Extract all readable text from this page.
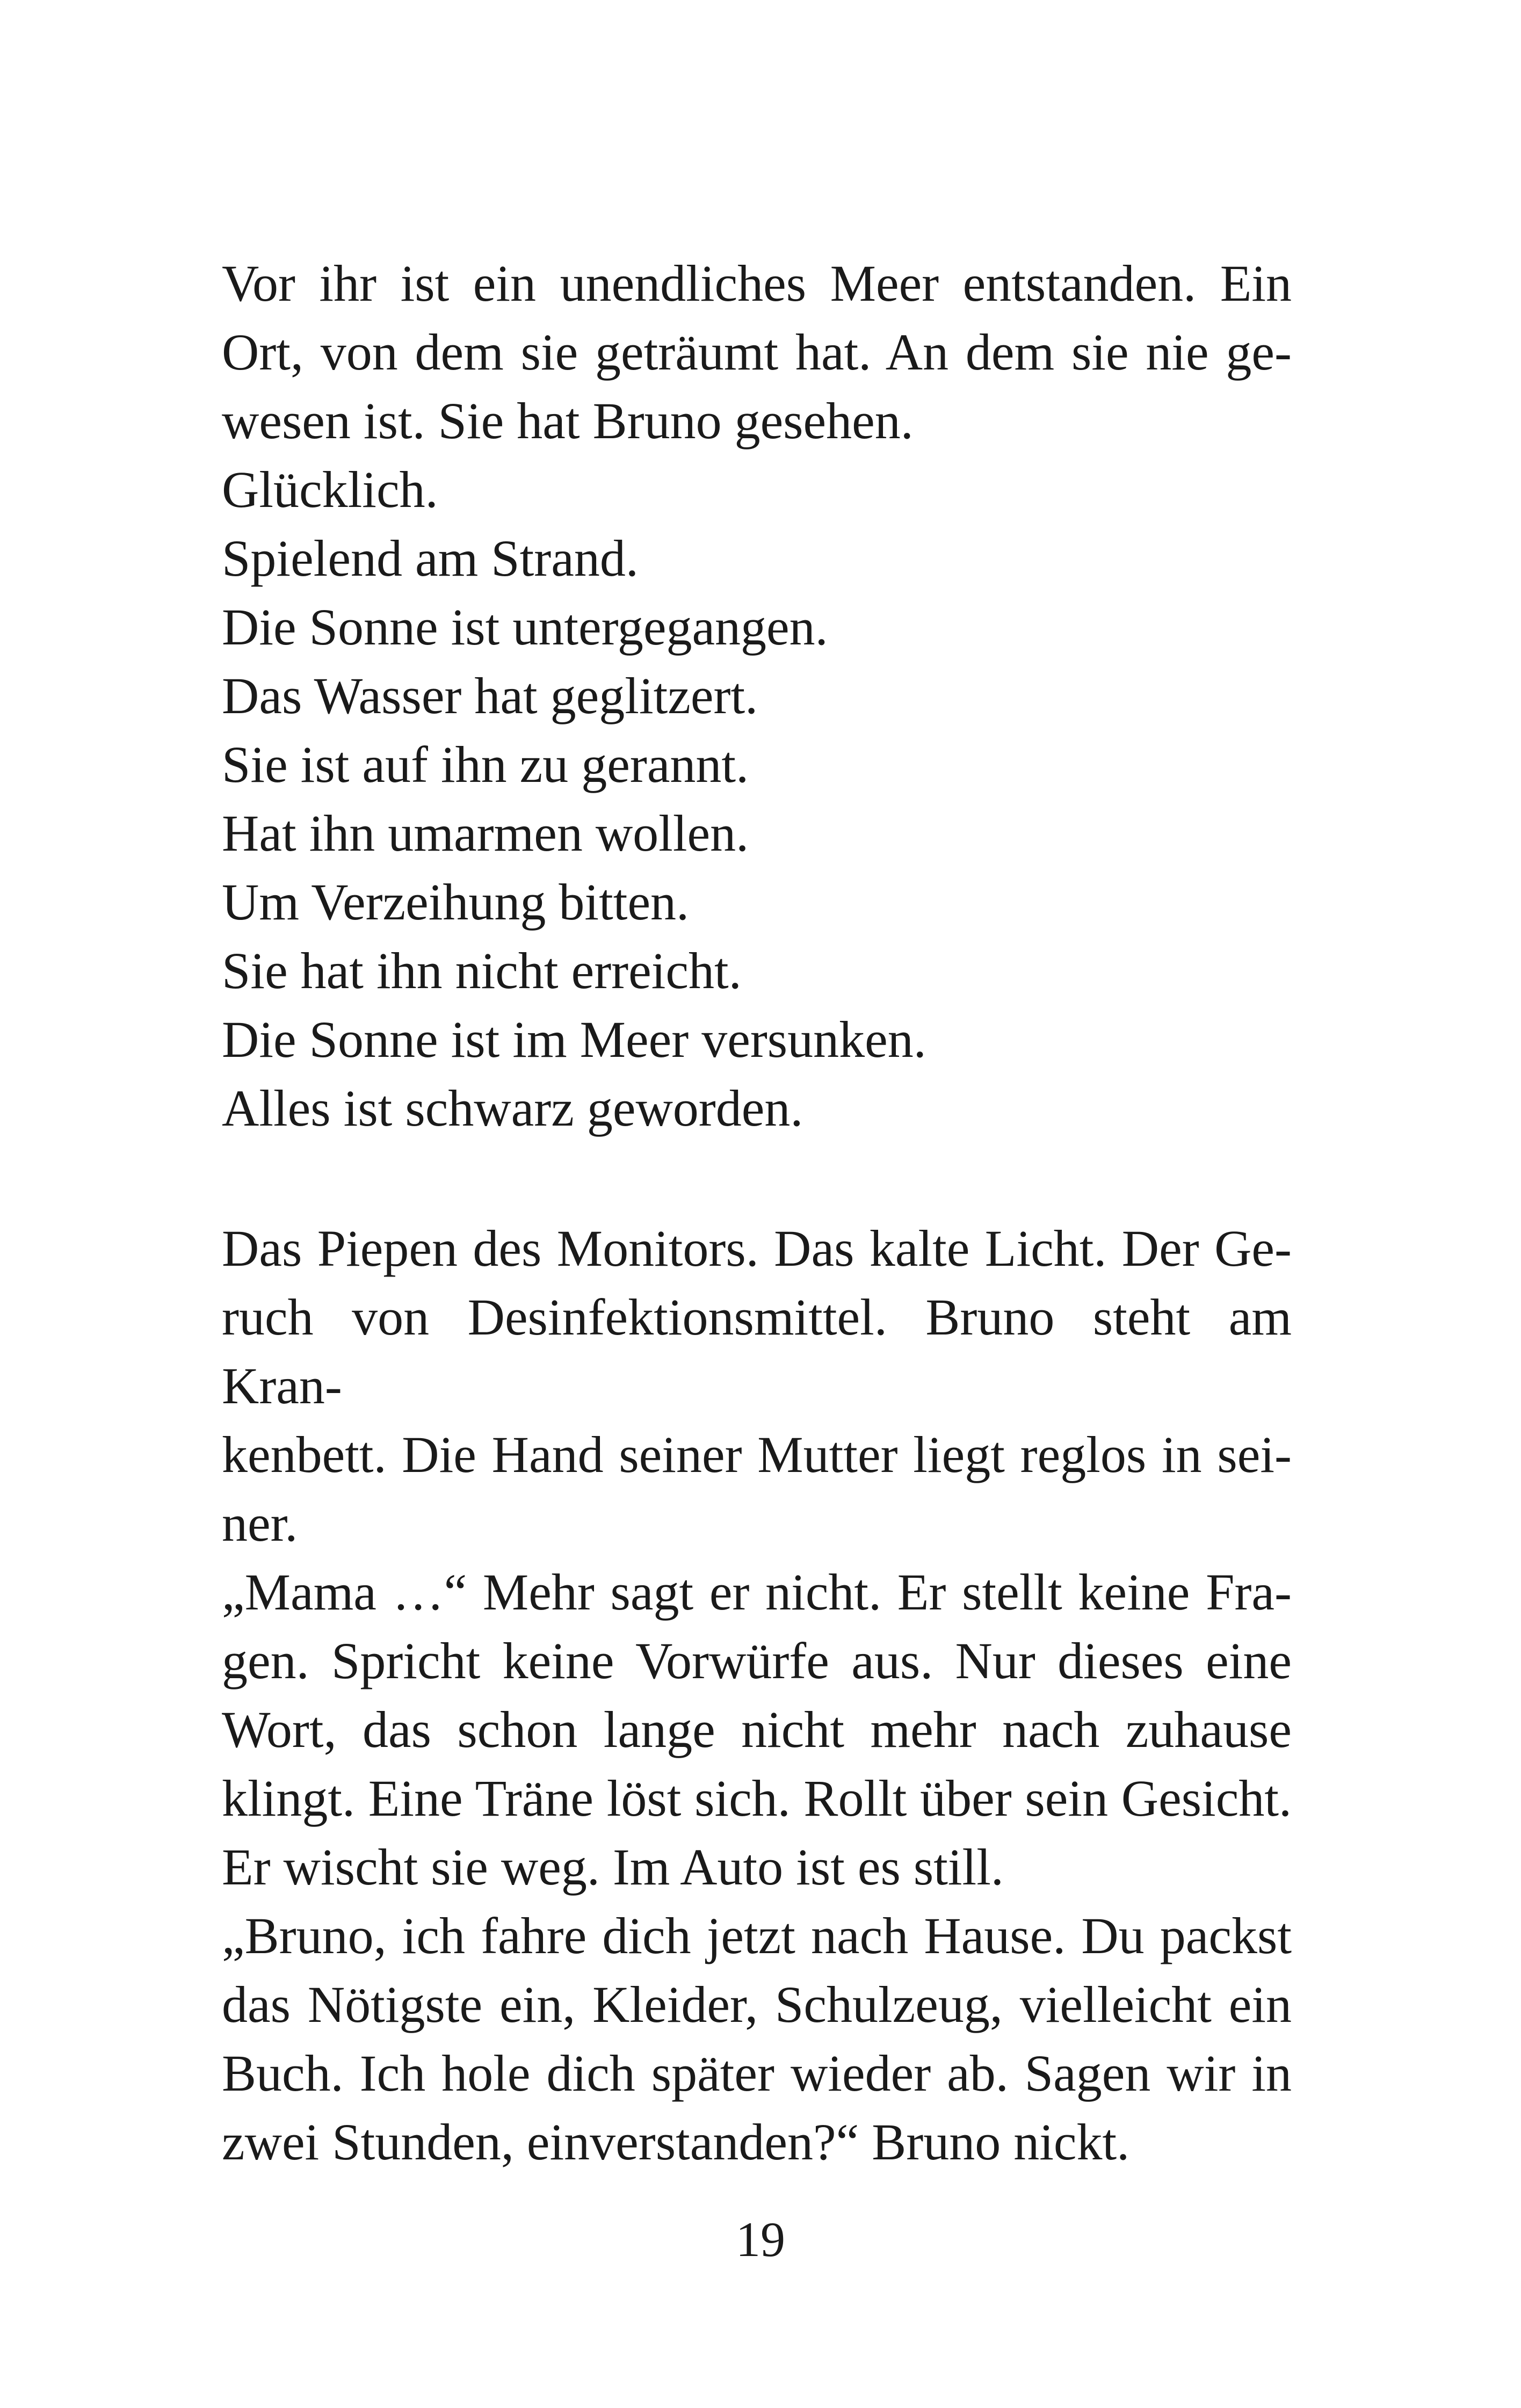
Vor ihr ist ein unendliches Meer entstanden. Ein

Ort, von dem sie geträumt hat. An dem sie nie ge-

wesen ist. Sie hat Bruno gesehen.

Glücklich.

Spielend am Strand.

Die Sonne ist untergegangen.

Das Wasser hat geglitzert.

Sie ist auf ihn zu gerannt.

Hat ihn umarmen wollen.

Um Verzeihung bitten.

Sie hat ihn nicht erreicht.

Die Sonne ist im Meer versunken.

Alles ist schwarz geworden.

Das Piepen des Monitors. Das kalte Licht. Der Ge-

ruch von Desinfektionsmittel. Bruno steht am Kran-

kenbett. Die Hand seiner Mutter liegt reglos in sei-

ner.

„Mama …“ Mehr sagt er nicht. Er stellt keine Fra-

gen. Spricht keine Vorwürfe aus. Nur dieses eine

Wort, das schon lange nicht mehr nach zuhause

klingt. Eine Träne löst sich. Rollt über sein Gesicht.

Er wischt sie weg. Im Auto ist es still.

„Bruno, ich fahre dich jetzt nach Hause. Du packst

das Nötigste ein, Kleider, Schulzeug, vielleicht ein

Buch. Ich hole dich später wieder ab. Sagen wir in

zwei Stunden, einverstanden?“ Bruno nickt.

19
